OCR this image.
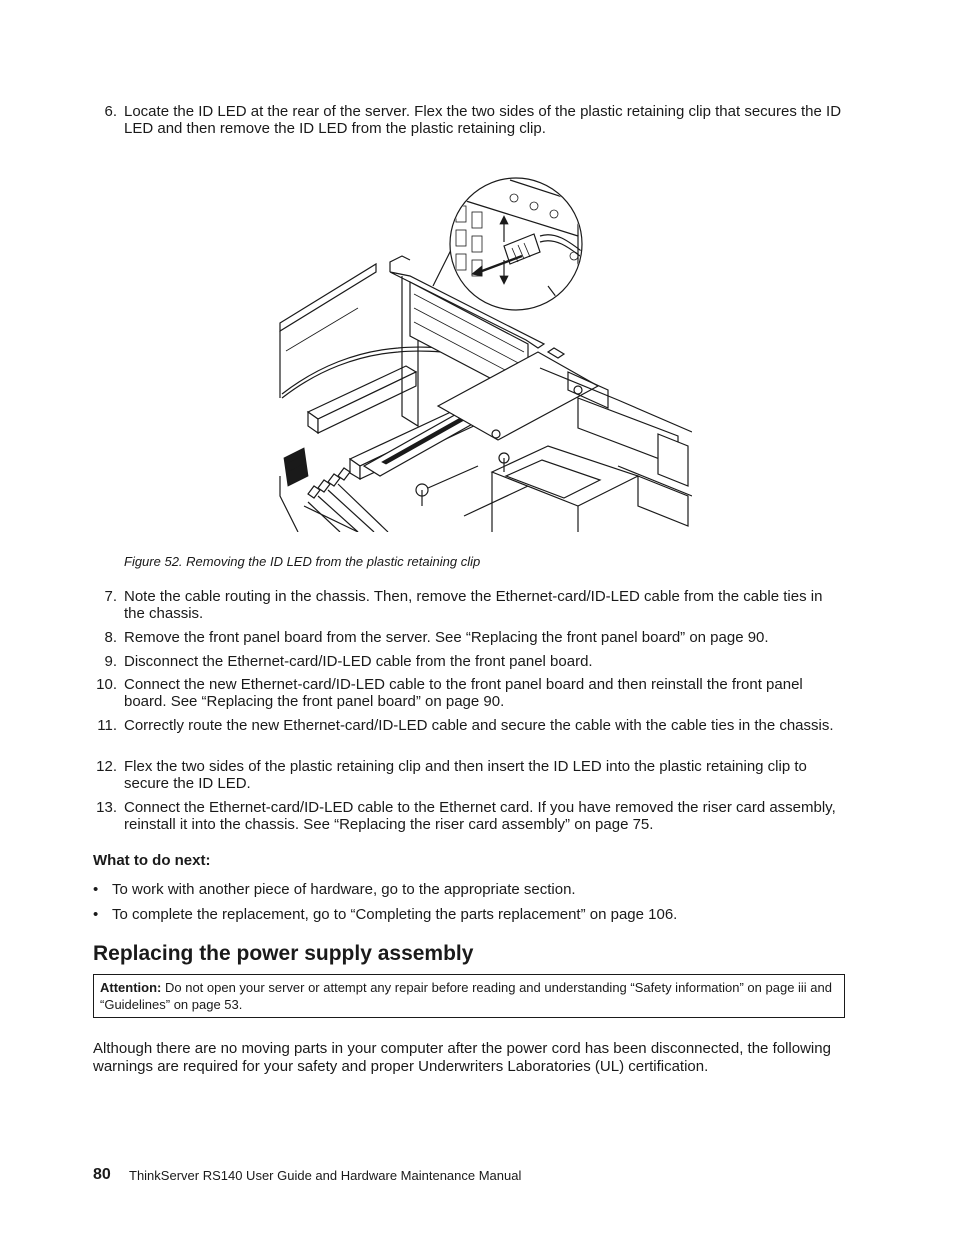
6. Locate the ID LED at the rear of the server. Flex the two sides of the plastic retaining clip that secures the ID LED and then remove the ID LED from the plastic retaining clip.
Figure 52. Removing the ID LED from the plastic retaining clip
7. Note the cable routing in the chassis. Then, remove the Ethernet-card/ID-LED cable from the cable ties in the chassis.
8. Remove the front panel board from the server. See “Replacing the front panel board” on page 90.
9. Disconnect the Ethernet-card/ID-LED cable from the front panel board.
10. Connect the new Ethernet-card/ID-LED cable to the front panel board and then reinstall the front panel board. See “Replacing the front panel board” on page 90.
11. Correctly route the new Ethernet-card/ID-LED cable and secure the cable with the cable ties in the chassis.
12. Flex the two sides of the plastic retaining clip and then insert the ID LED into the plastic retaining clip to secure the ID LED.
13. Connect the Ethernet-card/ID-LED cable to the Ethernet card. If you have removed the riser card assembly, reinstall it into the chassis. See “Replacing the riser card assembly” on page 75.
What to do next:
• To work with another piece of hardware, go to the appropriate section.
• To complete the replacement, go to “Completing the parts replacement” on page 106.
Replacing the power supply assembly
Attention: Do not open your server or attempt any repair before reading and understanding “Safety information” on page iii and “Guidelines” on page 53.
Although there are no moving parts in your computer after the power cord has been disconnected, the following warnings are required for your safety and proper Underwriters Laboratories (UL) certification.
80 ThinkServer RS140 User Guide and Hardware Maintenance Manual
